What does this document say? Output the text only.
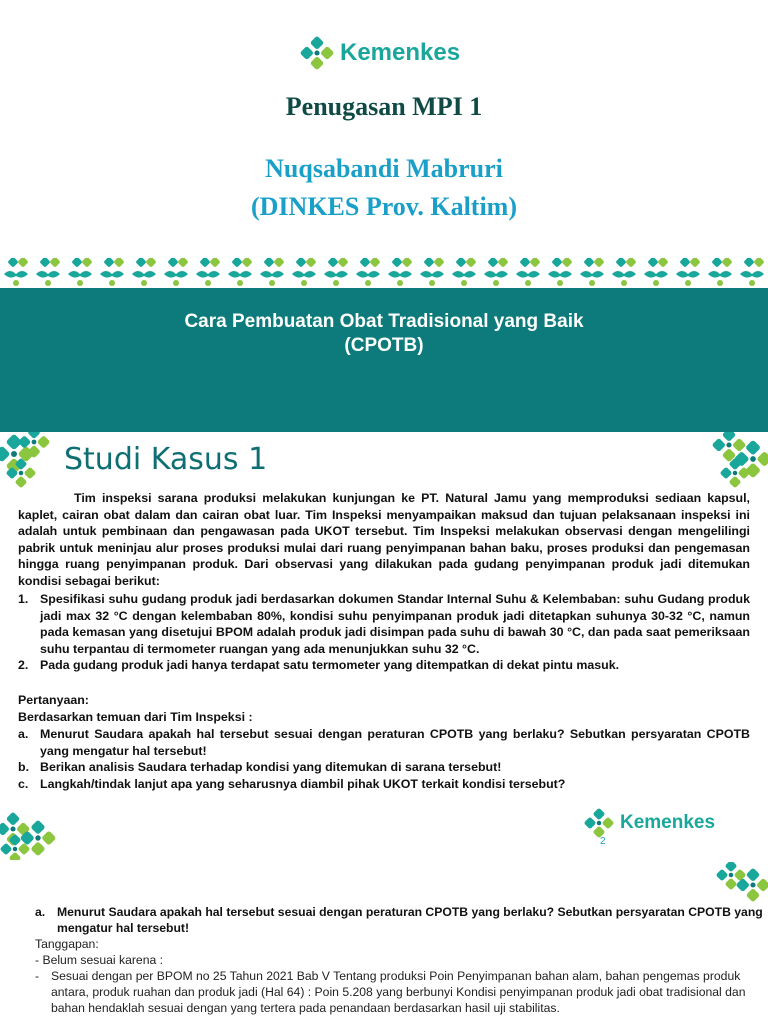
Kemenkes
Penugasan MPI 1
Nuqsabandi Mabruri
(DINKES Prov. Kaltim)
Cara Pembuatan Obat Tradisional yang Baik
(CPOTB)
Studi Kasus 1
Tim inspeksi sarana produksi melakukan kunjungan ke PT. Natural Jamu yang memproduksi sediaan kapsul, kaplet, cairan obat dalam dan cairan obat luar. Tim Inspeksi menyampaikan maksud dan tujuan pelaksanaan inspeksi ini adalah untuk pembinaan dan pengawasan pada UKOT tersebut. Tim Inspeksi melakukan observasi dengan mengelilingi pabrik untuk meninjau alur proses produksi mulai dari ruang penyimpanan bahan baku, proses produksi dan pengemasan hingga ruang penyimpanan produk. Dari observasi yang dilakukan pada gudang penyimpanan produk jadi ditemukan kondisi sebagai berikut:
1. Spesifikasi suhu gudang produk jadi berdasarkan dokumen Standar Internal Suhu & Kelembaban: suhu Gudang produk jadi max 32 °C dengan kelembaban 80%, kondisi suhu penyimpanan produk jadi ditetapkan suhunya 30-32 °C, namun pada kemasan yang disetujui BPOM adalah produk jadi disimpan pada suhu di bawah 30 °C, dan pada saat pemeriksaan suhu terpantau di termometer ruangan yang ada menunjukkan suhu 32 °C.
2. Pada gudang produk jadi hanya terdapat satu termometer yang ditempatkan di dekat pintu masuk.
Pertanyaan:
Berdasarkan temuan dari Tim Inspeksi :
a. Menurut Saudara apakah hal tersebut sesuai dengan peraturan CPOTB yang berlaku? Sebutkan persyaratan CPOTB yang mengatur hal tersebut!
b. Berikan analisis Saudara terhadap kondisi yang ditemukan di sarana tersebut!
c. Langkah/tindak lanjut apa yang seharusnya diambil pihak UKOT terkait kondisi tersebut?
Kemenkes
2
a. Menurut Saudara apakah hal tersebut sesuai dengan peraturan CPOTB yang berlaku? Sebutkan persyaratan CPOTB yang mengatur hal tersebut!
Tanggapan:
- Belum sesuai karena :
- Sesuai dengan per BPOM no 25 Tahun 2021 Bab V Tentang produksi Poin Penyimpanan bahan alam, bahan pengemas produk antara, produk ruahan dan produk jadi (Hal 64) : Poin 5.208 yang berbunyi Kondisi penyimpanan produk jadi obat tradisional dan bahan hendaklah sesuai dengan yang tertera pada penandaan berdasarkan hasil uji stabilitas.
